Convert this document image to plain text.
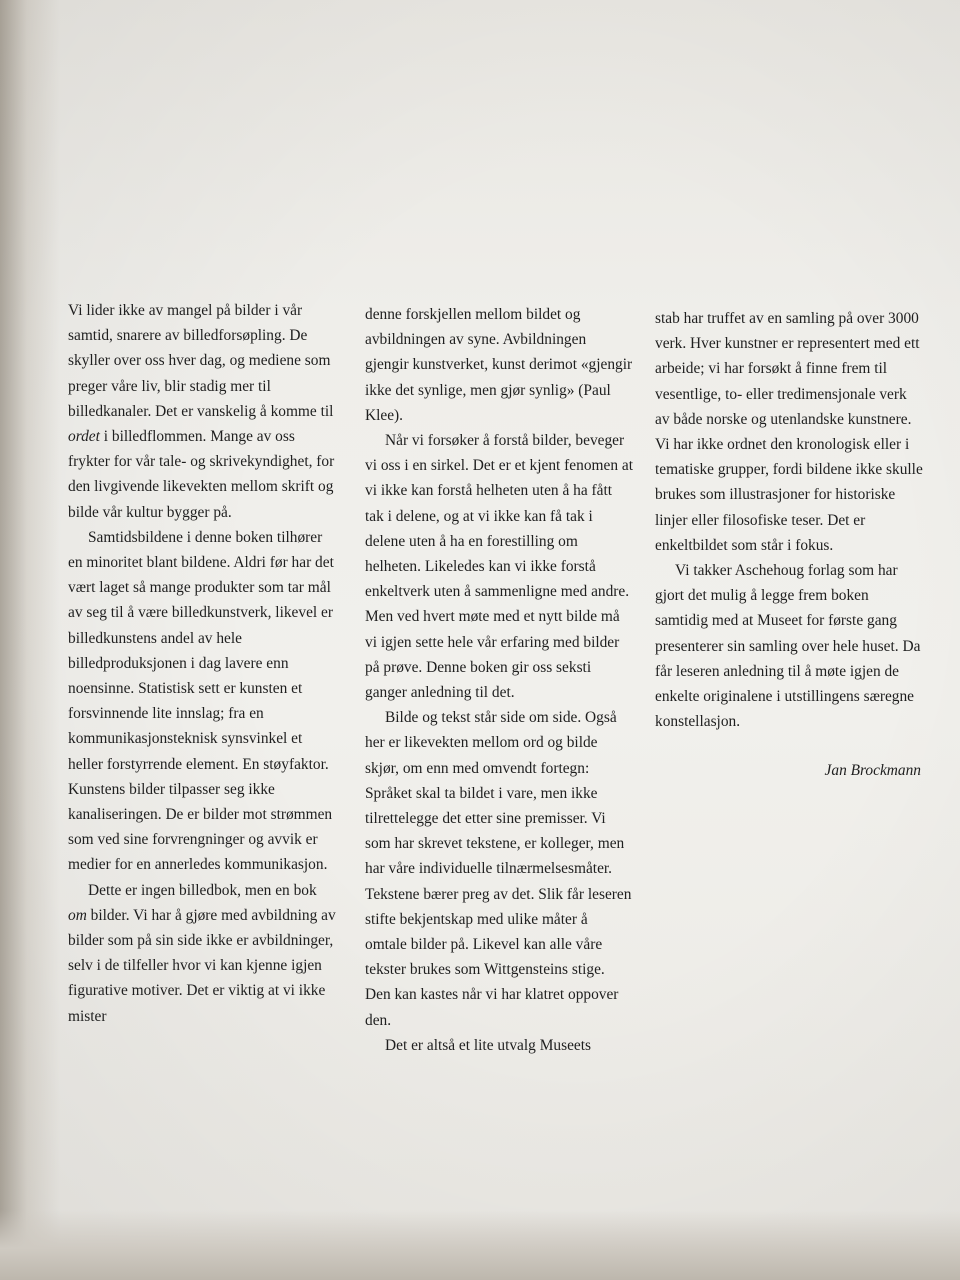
Vi lider ikke av mangel på bilder i vår samtid, snarere av billedforsøpling. De skyller over oss hver dag, og mediene som preger våre liv, blir stadig mer til billedkanaler. Det er vanskelig å komme til ordet i billedflommen. Mange av oss frykter for vår tale- og skrivekyndighet, for den livgivende likevekten mellom skrift og bilde vår kultur bygger på.

Samtidsbildene i denne boken tilhører en minoritet blant bildene. Aldri før har det vært laget så mange produkter som tar mål av seg til å være billedkunstverk, likevel er billedkunstens andel av hele billedproduksjonen i dag lavere enn noensinne. Statistisk sett er kunsten et forsvinnende lite innslag; fra en kommunikasjonsteknisk synsvinkel et heller forstyrrende element. En støyfaktor. Kunstens bilder tilpasser seg ikke kanaliseringen. De er bilder mot strømmen som ved sine forvrengninger og avvik er medier for en annerledes kommunikasjon.

Dette er ingen billedbok, men en bok om bilder. Vi har å gjøre med avbildning av bilder som på sin side ikke er avbildninger, selv i de tilfeller hvor vi kan kjenne igjen figurative motiver. Det er viktig at vi ikke mister

denne forskjellen mellom bildet og avbildningen av syne. Avbildningen gjengir kunstverket, kunst derimot «gjengir ikke det synlige, men gjør synlig» (Paul Klee).

Når vi forsøker å forstå bilder, beveger vi oss i en sirkel. Det er et kjent fenomen at vi ikke kan forstå helheten uten å ha fått tak i delene, og at vi ikke kan få tak i delene uten å ha en forestilling om helheten. Likeledes kan vi ikke forstå enkeltverk uten å sammenligne med andre. Men ved hvert møte med et nytt bilde må vi igjen sette hele vår erfaring med bilder på prøve. Denne boken gir oss seksti ganger anledning til det.

Bilde og tekst står side om side. Også her er likevekten mellom ord og bilde skjør, om enn med omvendt fortegn: Språket skal ta bildet i vare, men ikke tilrettelegge det etter sine premisser. Vi som har skrevet tekstene, er kolleger, men har våre individuelle tilnærmelsesmåter. Tekstene bærer preg av det. Slik får leseren stifte bekjentskap med ulike måter å omtale bilder på. Likevel kan alle våre tekster brukes som Wittgensteins stige. Den kan kastes når vi har klatret oppover den.

Det er altså et lite utvalg Museets

stab har truffet av en samling på over 3000 verk. Hver kunstner er representert med ett arbeide; vi har forsøkt å finne frem til vesentlige, to- eller tredimensjonale verk av både norske og utenlandske kunstnere. Vi har ikke ordnet den kronologisk eller i tematiske grupper, fordi bildene ikke skulle brukes som illustrasjoner for historiske linjer eller filosofiske teser. Det er enkeltbildet som står i fokus.

Vi takker Aschehoug forlag som har gjort det mulig å legge frem boken samtidig med at Museet for første gang presenterer sin samling over hele huset. Da får leseren anledning til å møte igjen de enkelte originalene i utstillingens særegne konstellasjon.

Jan Brockmann
